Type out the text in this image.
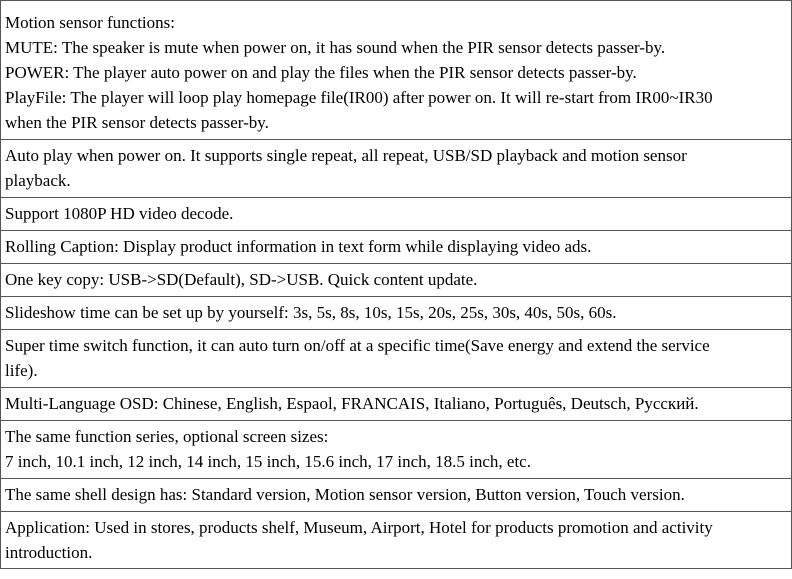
Motion sensor functions:
MUTE: The speaker is mute when power on, it has sound when the PIR sensor detects passer-by.
POWER: The player auto power on and play the files when the PIR sensor detects passer-by.
PlayFile: The player will loop play homepage file(IR00) after power on. It will re-start from IR00~IR30
when the PIR sensor detects passer-by.
Auto play when power on. It supports single repeat, all repeat, USB/SD playback and motion sensor
playback.
Support 1080P HD video decode.
Rolling Caption: Display product information in text form while displaying video ads.
One key copy: USB->SD(Default), SD->USB. Quick content update.
Slideshow time can be set up by yourself: 3s, 5s, 8s, 10s, 15s, 20s, 25s, 30s, 40s, 50s, 60s.
Super time switch function, it can auto turn on/off at a specific time(Save energy and extend the service
life).
Multi-Language OSD: Chinese, English, Espaol, FRANCAIS, Italiano, Português, Deutsch, Русский.
The same function series, optional screen sizes:
7 inch, 10.1 inch, 12 inch, 14 inch, 15 inch, 15.6 inch, 17 inch, 18.5 inch, etc.
The same shell design has: Standard version, Motion sensor version, Button version, Touch version.
Application: Used in stores, products shelf, Museum, Airport, Hotel for products promotion and activity
introduction.
